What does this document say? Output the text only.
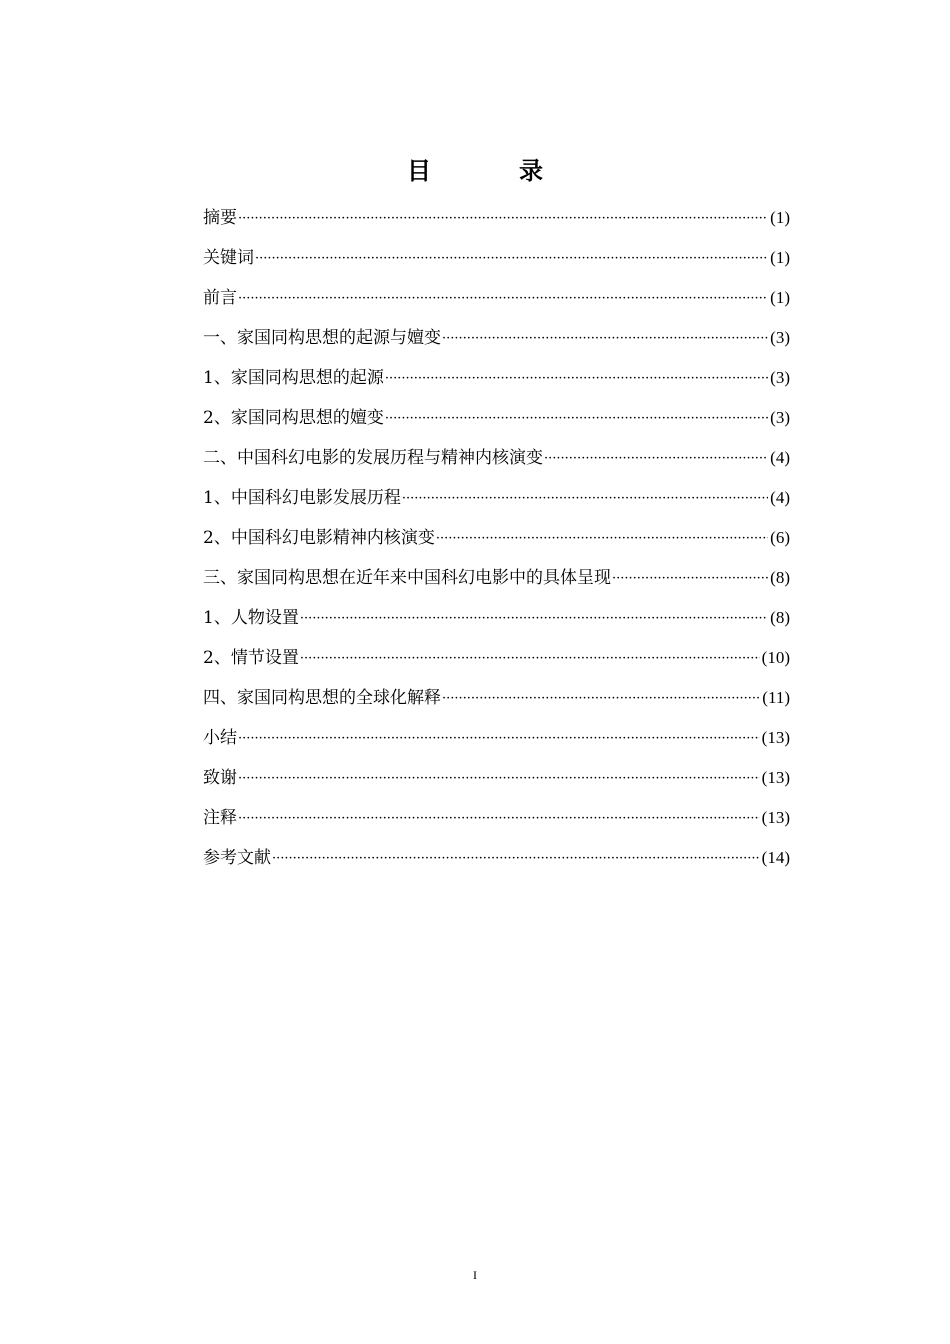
目	录
摘要 ·····	(1)
关键词 ·····	(1)
前言 ·····	(1)
一、家国同构思想的起源与嬗变 ·····	(3)
1、家国同构思想的起源 ·····	(3)
2、家国同构思想的嬗变 ·····	(3)
二、中国科幻电影的发展历程与精神内核演变 ·····	(4)
1、中国科幻电影发展历程 ·····	(4)
2、中国科幻电影精神内核演变 ·····	(6)
三、家国同构思想在近年来中国科幻电影中的具体呈现 ·····	(8)
1、人物设置 ·····	(8)
2、情节设置 ·····	(10)
四、家国同构思想的全球化解释 ·····	(11)
小结 ·····	(13)
致谢 ·····	(13)
注释 ·····	(13)
参考文献 ·····	(14)
I
